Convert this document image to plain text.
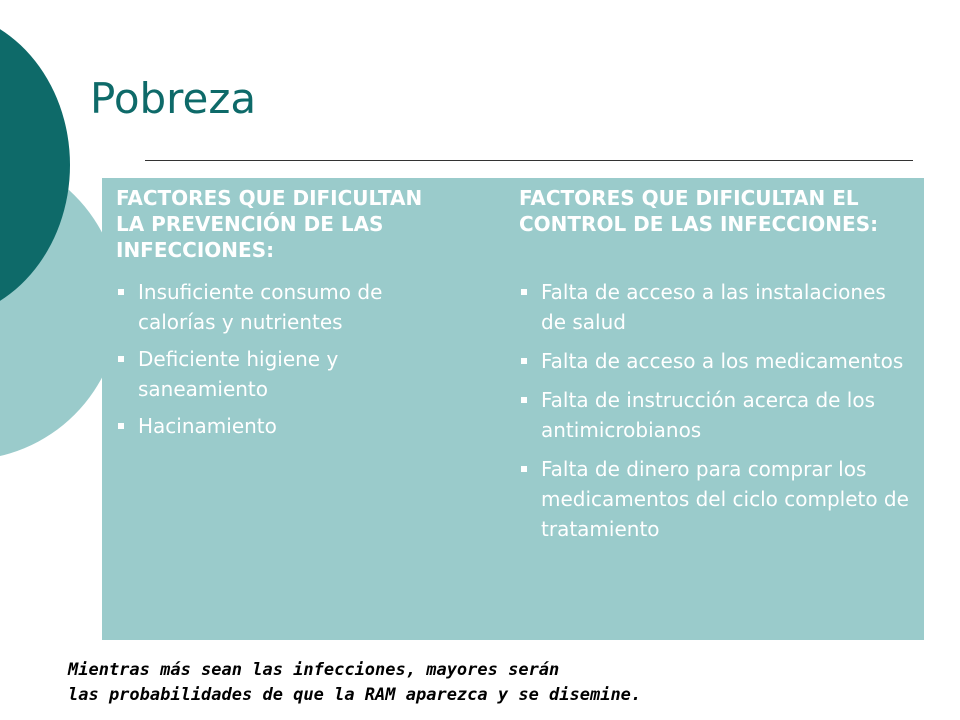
Pobreza
FACTORES QUE DIFICULTAN LA PREVENCIÓN DE LAS INFECCIONES:
Insuficiente consumo de calorías y nutrientes
Deficiente higiene y saneamiento
Hacinamiento
FACTORES QUE DIFICULTAN EL CONTROL DE LAS INFECCIONES:
Falta de acceso a las instalaciones de salud
Falta de acceso a los medicamentos
Falta de instrucción acerca de los antimicrobianos
Falta de dinero para comprar los medicamentos del ciclo completo de tratamiento
Mientras más sean las infecciones, mayores serán
las probabilidades de que la RAM aparezca y se disemine.
